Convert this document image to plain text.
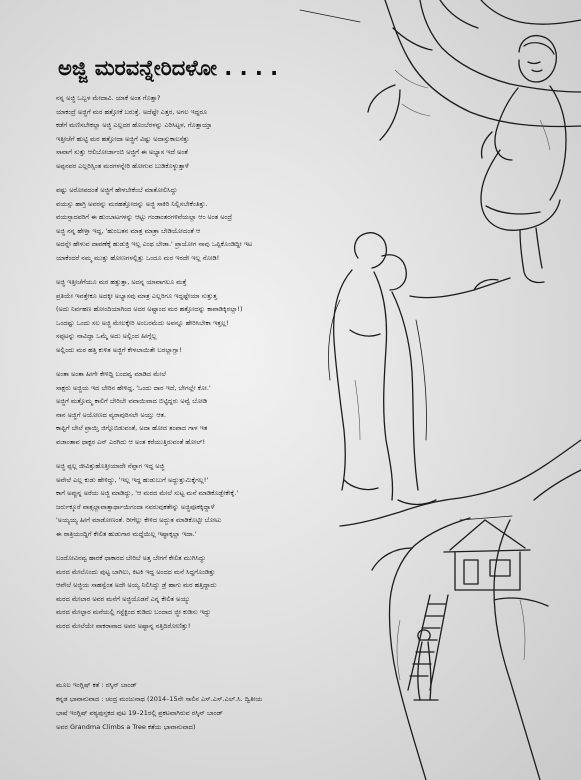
ಅಜ್ಜಿ ಮರವನ್ನೇರಿದಳೋ . . . .

ನನ್ನ ಅಜ್ಜಿ ಒಬ್ಬಳ ಮೇದಾವಿ. ಯಾಕೆ ಅಂತ ಗೊತ್ತಾ?
ಯಾಕಂದ್ರೆ ಅಜ್ಜಿಗೆ ಮರ ಹತ್ತೋಕೆ ಬರುತ್ತೆ. ಅದೆಷ್ಟೇ ಎತ್ತರ, ಅಗಲ ಇದ್ದರೂ
ಕಡೆಗೆ ಮಣಿಸಬೇಕಲ್ಲಾ ಅಜ್ಜಿ ಎಲ್ಲದರ ಹೊಂಬೆರಳನ್ನು ಎರಿಸಿಟ್ಟಳ, ಗೊತ್ತಾಯ್ತಾ
ಇತ್ತೀಚೆಗೆ ಹುಟ್ಟಿ ಮರ ಹತ್ತೋದಾ ಅಜ್ಜಿಗೆ ವಿಷ್ಟು ಅದಾಸ್ತುಕಾಲಸೆತ್ತು
ಸಾವಾಗೆ ಸುತ್ತು ಆಲಿಬೋರ್ಜಾಂಬಿ ಅಜ್ಜಿಗೆ ಈ ಅಭ್ಯಾಸ ಇದೆ ಅಂತೆ
ಅಪ್ಪನವರ ಎಲ್ಲರಿಸ್ಸಿಂತ ಮರಗಳನ್ನೇರಿ ಹೋಗುವ ಬುಡಿಕೊಳ್ಳುತ್ತಾಳೆ

ವಷ್ಟು ಅರೋಪದಂತೆ ಅಜ್ಜಿಗೆ ಹೇಳಬೇಕೆಂಬೆ ಮಾತೋಲಿಸಿದ್ದು
ವಯಸ್ಸು ಹಾಗ್ರಿ ಅವರನ್ನು ಮರಹತ್ತೋದನ್ನು ಅಜ್ಜಿ ಸಾಕಿರಿ ನಿಲ್ಲಿಸಬೇಕೆಂತಿತ್ತು.
ವಯಸ್ಸಾದವರಿಗೆ ಈ ಹುಂಬಾಟಗಳನ್ನು ಆಟ್ಟು ಗಂಡಾಂತರಗಳಿವೆಯಲ್ಲಾ ಆಂ ಅಂತ ಅಂದ್ರೆ
ಅಜ್ಜಿ ನನ್ನ ಹೇಳ್ತಾ ಇದ್ದ, 'ಹುಂಬತನ ಮಾತ್ರ ಮಾತ್ರಾ ಬೇಡಿಯೋದಂತೆ ಆ
ಅದನ್ನೇ ಹೇಳುವ ದಾವಣೆಕ್ಕೆ ಹುಡುಕ್ತಿ ಇಲ್ಲ ಎಂಥ ಬೇಡಾ.' ಪ್ರಾಯೋಗ ನಾವು ಒಪ್ಪಿಕೊಂಡಿದ್ದೀ ಇಟ
ಯಾಕೆಂದರೆ ನಮ್ಮ ಮುತ್ತು ಹೋಣಗಳಲ್ಲಿತ್ತು ಒಂದೂ ಮರ ಇರದೇ ಇಲ್ಲ ನೋಡಿ!

ಅಜ್ಜಿ ಇತ್ತೀಚೆಗೆಯೂ ಮರ ಹತ್ತುತ್ತಾ, ಅದನ್ನ ಯಾವಾಗಲೂ ಮತ್ತೆ
ಪ್ರತಿಯೇ ಇವತ್ತೇಕೂ ಅದಕ್ಕೀ ಅಭ್ಯಾಸವು ಮಾತ್ರ ಎಲ್ಲರಿಗೂ ಇದ್ದಷ್ಟೇಯಾ ಸುತ್ತುತ್ತ
(ಅದು ನಿರ್ವಹಣ ಹೋಂದಿಯಾಗಿಂದ ಅದರ ಅಷ್ಟಾಂದ ಮರ ಹತ್ತೋದನ್ನು ಕಾಪಾಡಿಕ್ಕಿರಲ್ಲಾ!)
ಒಂದಷ್ಟು ಒಂದು ಸಲ ಅಜ್ಜಿ ಮೇಲಕ್ಕೇರಿ ಅಂಬರಮೆದು ಅವನ್ನೂ ಹೇರಿಸಿಬೇಕಾ ಇತ್ತಲ್ಲ!
ಸಪ್ಪಟನ್ನು ನಾವಿದ್ದಾ ಒಮ್ಮೆ ಅದು ಅಲ್ಲಿಂದ ಹೀಗ್ಗೆಲ್ಲ
ಅಲ್ಲಿಂದು ಮರ ಹತ್ತಿ ಕುಳಿತ ಅಜ್ಜಿಗೆ ಕೇಳಲಾಯಿತೇ ಬರಲ್ಲಾಗ್ಲಾ!

ಅಂತಾ ಅಂತಾ ಹೀಗೇ ಕೇಳಿದ್ದಿ ಬಂದವ್ವ ಮಾಡಿದ ಮೇಲೆ
ಸಾಕ್ಷರು ಅಜ್ಜಿಯ ಇದ ಬೇರಿನ ಹೇಳಿದ್ದ, 'ಒಂದು ದಾರ ಇದೆ, ಬೇಗಲ್ಲೇ ಕೋ.'
ಅಜ್ಜಿಗೆ ಮತ್ತೊಮ್ಮ ಕಾಲಿಗೆ ಬೇರಿಬೇ ವವಾಯಿವಾದ ಬಿಟ್ಟಿದ್ದರು ಅವ್ವೆ ಬೋಡಿ
ನಾನ ಅಜ್ಜಿಗೆ ಅಯೋಣದ ವ್ಯರಾವುರಿಸಲೇ ಅಯ್ತು ಆತ.
ಕಾಪ್ಟಿಗೆ ಬೇಲೆ ಪ್ರಾಯ್ತಿ ಜಿಗ್ಗೊಬಿಡುವಂತೆ, ಅದಾ ಹೋದ ತಂಪಾದ ಗಾಳ ಇತ
ವಜಾಂತಾವ ಧಾಕ್ಟರ ಎನ್ ಎರಗಿದು ಆ ಅಂತ ಕರೆಯುತ್ತಿರುವಂತೆ ಹೋಲ್!

ಅಜ್ಜಿ ಪ್ಪಲ್ಲ ಜೀವಿತ್ತುಹೊತ್ತೀಯಾದೇ ನೆಪ್ಪಾಗ ಇದ್ದ ಅಜ್ಜಿ
ಅವೇಲೆ ಎಲ್ಲ ಕುಡು ಹೇಳಿದ್ದು, 'ಇಲ್ಲ ಇದ್ದ ಹುಡುಬುಗೆ ಅದ್ದುತ್ತುಮಿಕ್ಕೆಗಲ್ಲ!'
ಕಾಗೆ ಅಪ್ಪುನ್ನ ಅರೆಯ ಅಜ್ಜಿ ಮಾಡಿದ್ದು, 'ಆ ಮರದ ಮೇಲೆ ಸುಟ್ಟ ಮನೆ ಮಾಡಿಕೊಡ್ಬೇಕೇಕ್ಕೆ.'
ಜರ್ರುಕ್ಕೂರೆ ವಾತ್ಸಲ್ಲಾವಾತ್ಸಾರ್ಥಾಯಿಗಂದಾ ನವರುವುಕತೇನ್ನು ಅಜ್ಜಿಪೂಕಕ್ಕಿದ್ದಾಳೆ
'ಅಯ್ಯಯ್ಯ ಹೀಗೆ ಮಾಡೋಣಂತೆ. ರೀಗೆಲ್ಲು ಕೇಳಿದ ಅದ್ಭುತ ಮಾಡಿಕೊಟ್ಟೀ ಬೋಟು
ಈ ರಾತ್ರಿಯಂದ್ದಿಗೆ ಕೇಲಿತ ಹುಡುಗಾರ ಮದ್ದೆಯಿಲ್ಲ ಇಷ್ಟಾಕ್ಕಲ್ಲಾ ಇದಾ.'

ಬಂದೋವಿನವ್ವ ಹಾರಕೆ ಧಾಕಾರದ ಬೇರಿಬೆ ಅತ್ತ ಬೇಗಗೆ ಕೇಲಿತ ಮುಗಿಸಿದ್ದು
ಮರದ ಮೇಲೊಂದು ಪುಟ್ಟ ಬಾಗಿಲು, ಕಿಟಕಿ ಇದ್ದ ಅಂದದ ಮನೆ ಸಿದ್ಧಗೊಂಡಿತ್ತು
ಆವೇಲೆ ಅಜ್ಜಿಯ ಸಾಹಸ್ವೆಂತ ಅದೇ ಅಯ್ಯ ನಿಲಿಸಿದ್ದು ಡ್ರೆ ಹಾಗು ಮರ ಹತ್ತಿದ್ದಾದು
ಮರದ ಮೇಲಾರ ಅವರ ಮನೆಗೆ ಅಜ್ಜಿಯೊಡನೆ ಎನ್ನ ಕೇಲಿತ ಅಯ್ಯು
ಮರದ ಮೇಲ್ಪಾರ ಮನೆಯಲ್ಲಿ ಗಸ್ಟೆಕ್ಟಿಂದ ಕುಡಿದು ಬಂದಾದ ಜ್ಜೀ ಕುಡಿಸು ಇದ್ದು
ಮರದ ಮೇಲೆಯೇ ವಾಕರಾವಾದ ಅವರ ಅಷ್ಟಾನ್ನ ನತ್ತಿದಿರೋಣಿತ್ತು!

ಮೂಲ ಇಂಗ್ಲಿಷ್ ಕತೆ : ರಸ್ಕಿನ್ ಬಾಂಡ್
ಕನ್ನಡ ಭಾವಾನುವಾದ : ಚಂದ್ರ ಮಂಜುನಾಥ (2014–15ನೇ ಸಾಲಿನ ಎಸ್.ಎಸ್.ಎಲ್.ಸಿ. ದ್ವಿತೀಯ
ಭಾಷೆ ಇಂಗ್ಲಿಷ್ ಪಠ್ಯಪುಸ್ತಕದ ಪುಟ 19–21ರಲ್ಲಿ ಪ್ರಕಟವಾಗಿರುವ ರಸ್ಕಿನ್ ಬಾಂಡ್
ಅವರ Grandma Climbs a Tree ಕತೆಯ ಭಾವಾನುವಾದ)
